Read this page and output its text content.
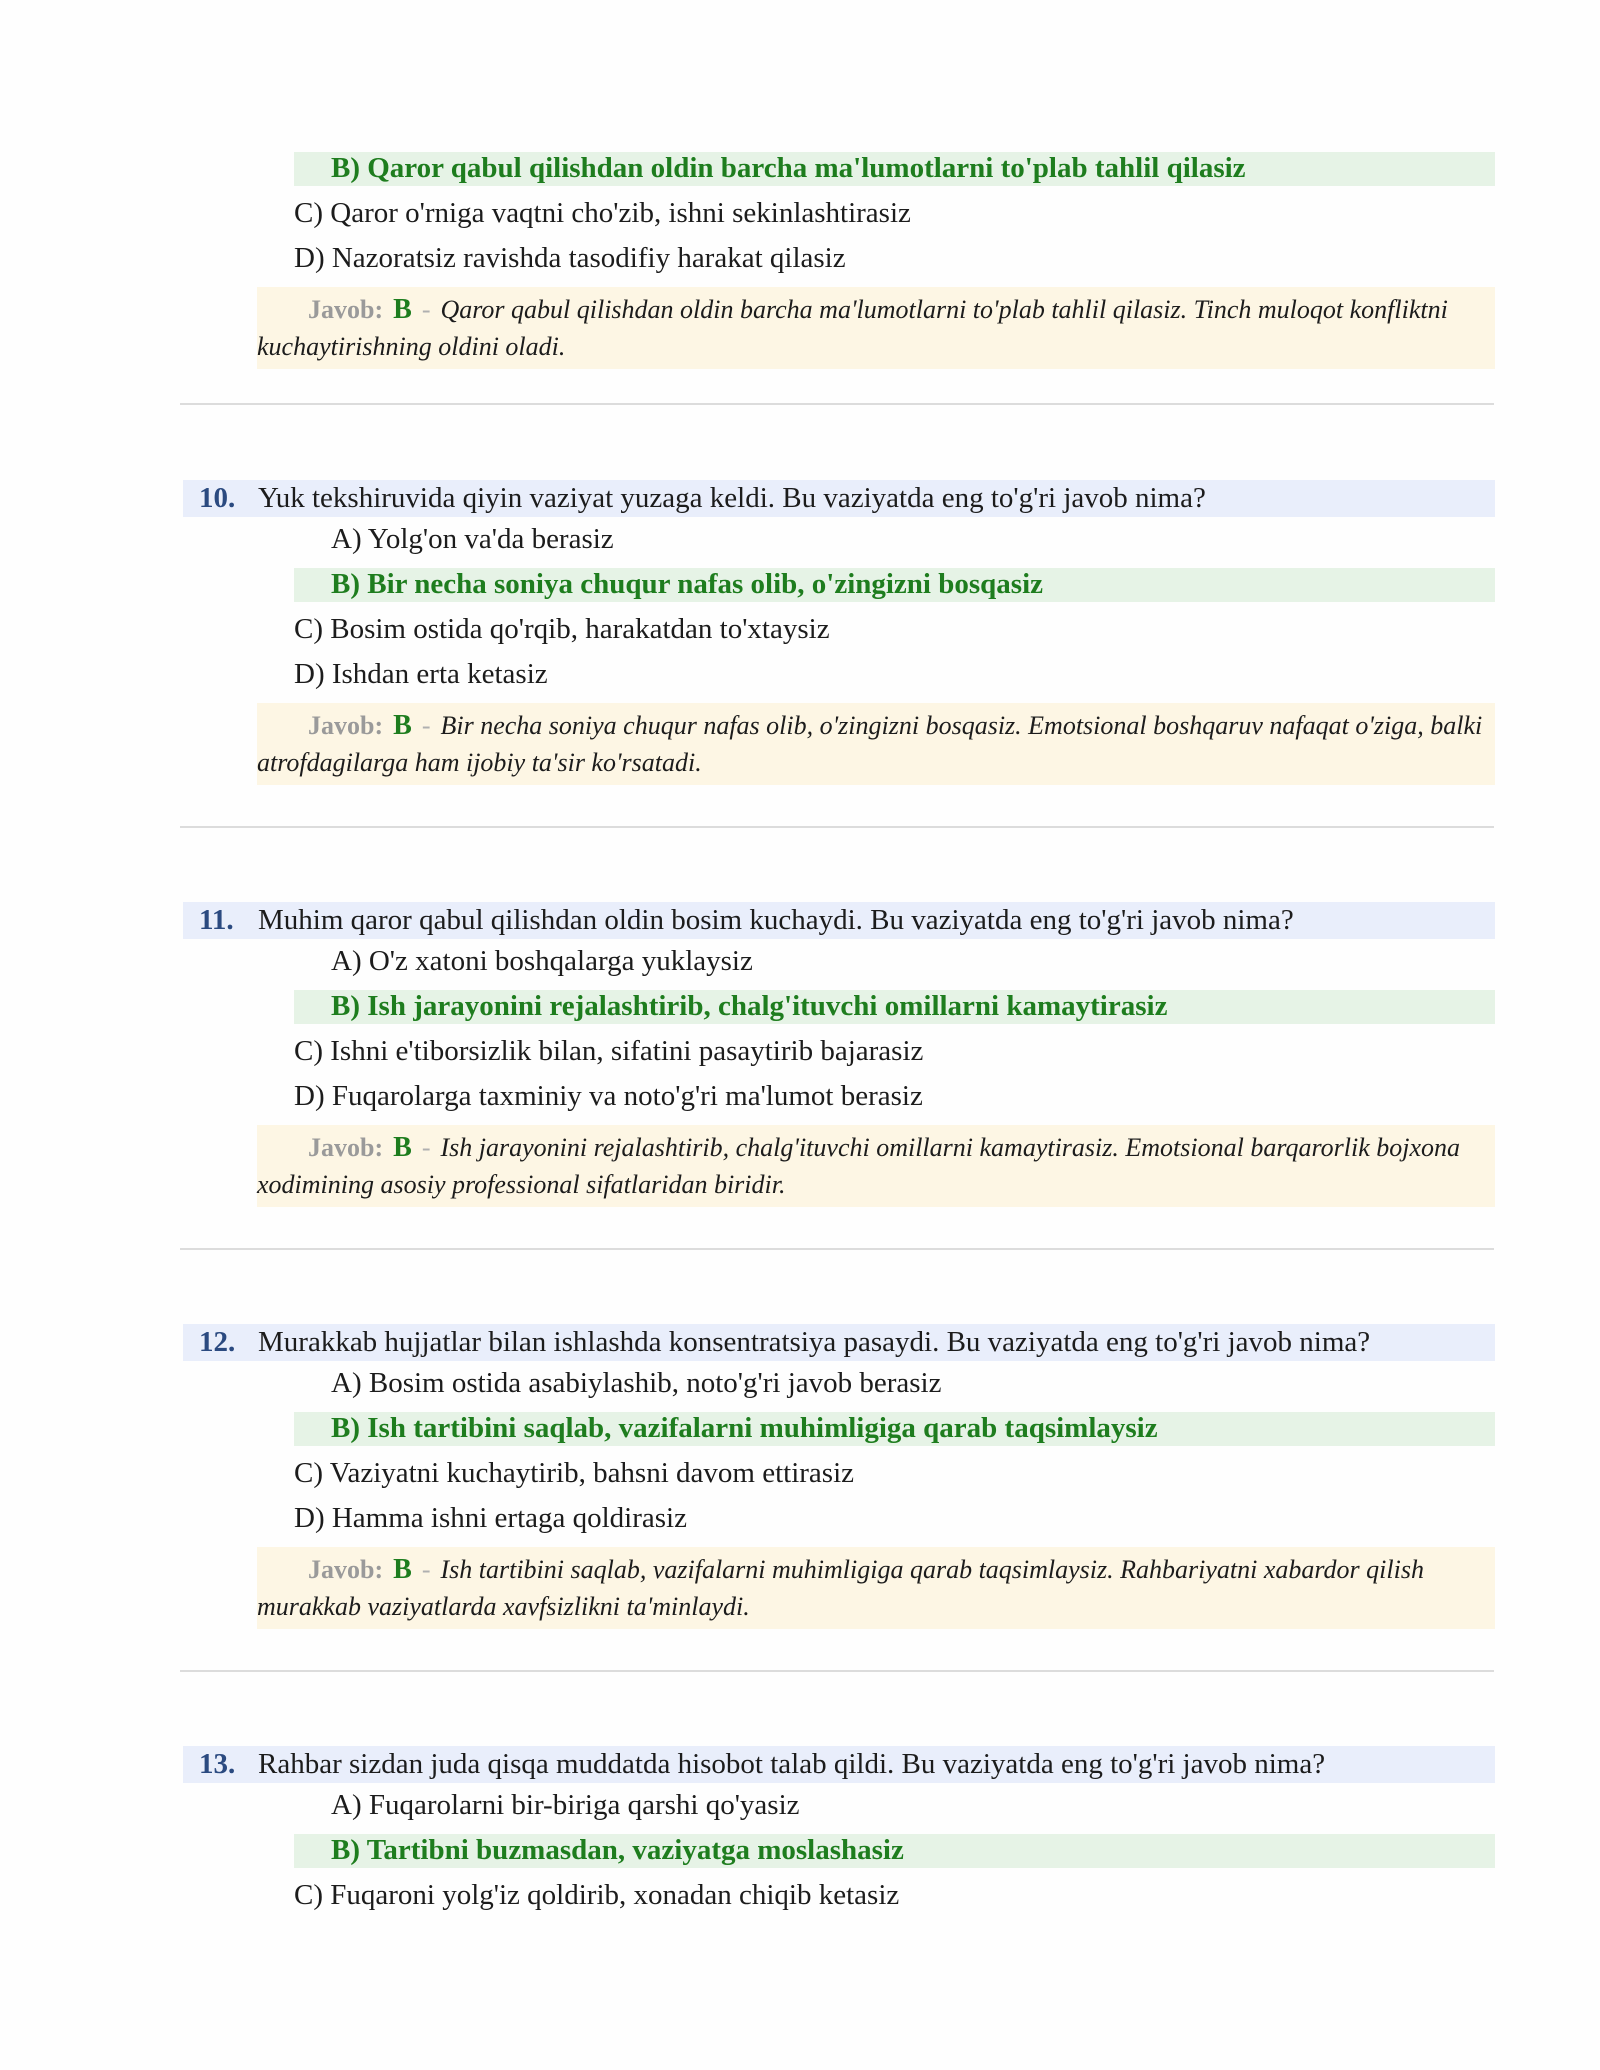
B) Qaror qabul qilishdan oldin barcha ma'lumotlarni to'plab tahlil qilasiz
C) Qaror o'rniga vaqtni cho'zib, ishni sekinlashtirasiz
D) Nazoratsiz ravishda tasodifiy harakat qilasiz
Javob: B - Qaror qabul qilishdan oldin barcha ma'lumotlarni to'plab tahlil qilasiz. Tinch muloqot konfliktni kuchaytirishning oldini oladi.
10. Yuk tekshiruvida qiyin vaziyat yuzaga keldi. Bu vaziyatda eng to'g'ri javob nima?
A) Yolg'on va'da berasiz
B) Bir necha soniya chuqur nafas olib, o'zingizni bosqasiz
C) Bosim ostida qo'rqib, harakatdan to'xtaysiz
D) Ishdan erta ketasiz
Javob: B - Bir necha soniya chuqur nafas olib, o'zingizni bosqasiz. Emotsional boshqaruv nafaqat o'ziga, balki atrofdagilarga ham ijobiy ta'sir ko'rsatadi.
11. Muhim qaror qabul qilishdan oldin bosim kuchaydi. Bu vaziyatda eng to'g'ri javob nima?
A) O'z xatoni boshqalarga yuklaysiz
B) Ish jarayonini rejalashtirib, chalg'ituvchi omillarni kamaytirasiz
C) Ishni e'tiborsizlik bilan, sifatini pasaytirib bajarasiz
D) Fuqarolarga taxminiy va noto'g'ri ma'lumot berasiz
Javob: B - Ish jarayonini rejalashtirib, chalg'ituvchi omillarni kamaytirasiz. Emotsional barqarorlik bojxona xodimining asosiy professional sifatlaridan biridir.
12. Murakkab hujjatlar bilan ishlashda konsentratsiya pasaydi. Bu vaziyatda eng to'g'ri javob nima?
A) Bosim ostida asabiylashib, noto'g'ri javob berasiz
B) Ish tartibini saqlab, vazifalarni muhimligiga qarab taqsimlaysiz
C) Vaziyatni kuchaytirib, bahsni davom ettirasiz
D) Hamma ishni ertaga qoldirasiz
Javob: B - Ish tartibini saqlab, vazifalarni muhimligiga qarab taqsimlaysiz. Rahbariyatni xabardor qilish murakkab vaziyatlarda xavfsizlikni ta'minlaydi.
13. Rahbar sizdan juda qisqa muddatda hisobot talab qildi. Bu vaziyatda eng to'g'ri javob nima?
A) Fuqarolarni bir-biriga qarshi qo'yasiz
B) Tartibni buzmasdan, vaziyatga moslashasiz
C) Fuqaroni yolg'iz qoldirib, xonadan chiqib ketasiz
